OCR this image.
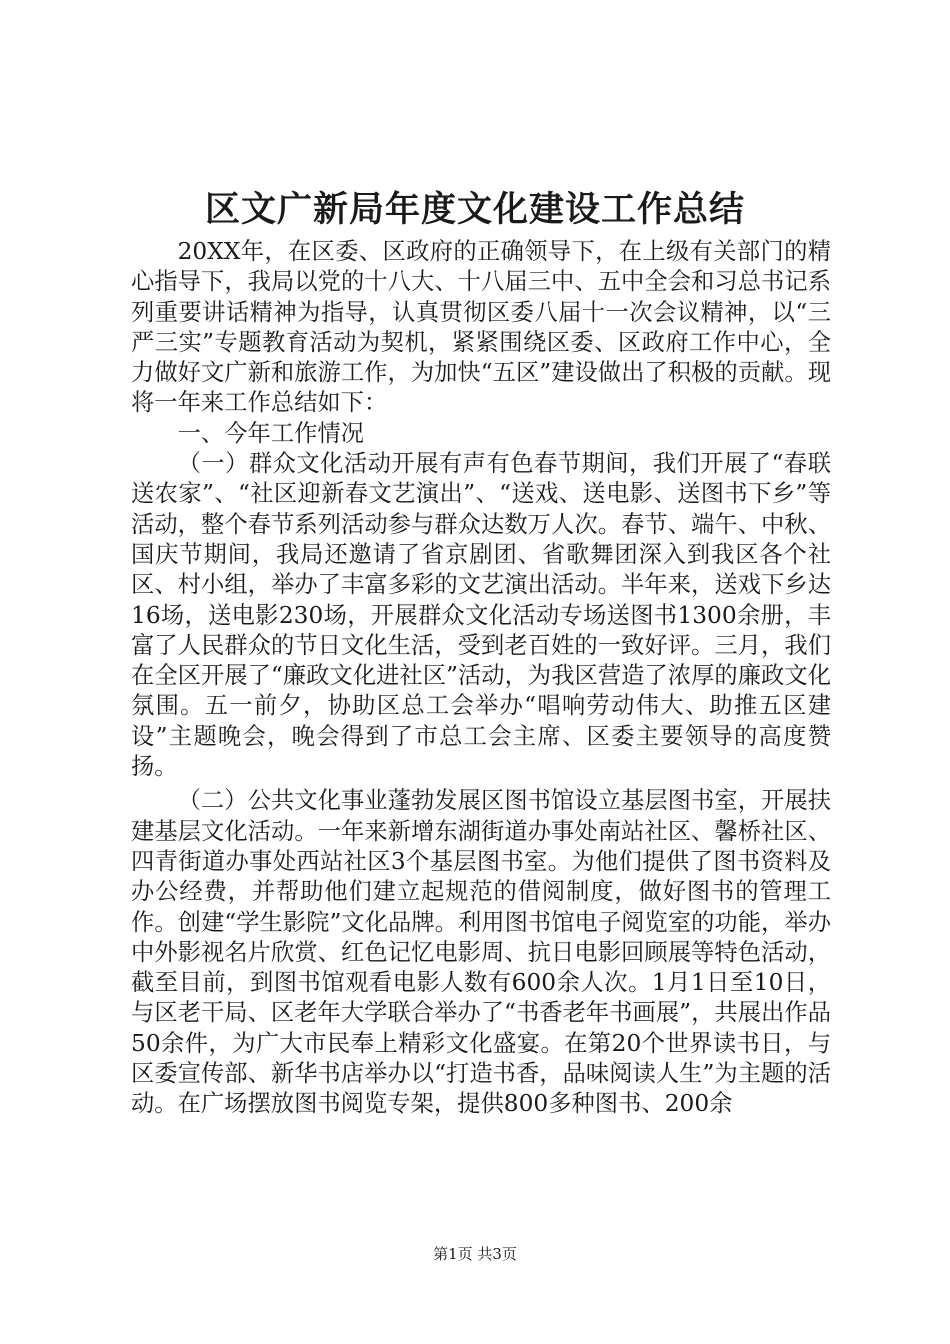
区文广新局年度文化建设工作总结

20XX年，在区委、区政府的正确领导下，在上级有关部门的精心指导下，我局以党的十八大、十八届三中、五中全会和习总书记系列重要讲话精神为指导，认真贯彻区委八届十一次会议精神，以“三严三实”专题教育活动为契机，紧紧围绕区委、区政府工作中心，全力做好文广新和旅游工作，为加快“五区”建设做出了积极的贡献。现将一年来工作总结如下：

一、今年工作情况

（一）群众文化活动开展有声有色春节期间，我们开展了“春联送农家”、“社区迎新春文艺演出”、“送戏、送电影、送图书下乡”等活动，整个春节系列活动参与群众达数万人次。春节、端午、中秋、国庆节期间，我局还邀请了省京剧团、省歌舞团深入到我区各个社区、村小组，举办了丰富多彩的文艺演出活动。半年来，送戏下乡达16场，送电影230场，开展群众文化活动专场送图书1300余册，丰富了人民群众的节日文化生活，受到老百姓的一致好评。三月，我们在全区开展了“廉政文化进社区”活动，为我区营造了浓厚的廉政文化氛围。五一前夕，协助区总工会举办“唱响劳动伟大、助推五区建设”主题晚会，晚会得到了市总工会主席、区委主要领导的高度赞扬。

（二）公共文化事业蓬勃发展区图书馆设立基层图书室，开展扶建基层文化活动。一年来新增东湖街道办事处南站社区、馨桥社区、四青街道办事处西站社区3个基层图书室。为他们提供了图书资料及办公经费，并帮助他们建立起规范的借阅制度，做好图书的管理工作。创建“学生影院”文化品牌。利用图书馆电子阅览室的功能，举办中外影视名片欣赏、红色记忆电影周、抗日电影回顾展等特色活动，截至目前，到图书馆观看电影人数有600余人次。1月1日至10日，与区老干局、区老年大学联合举办了“书香老年书画展”，共展出作品50余件，为广大市民奉上精彩文化盛宴。在第20个世界读书日，与区委宣传部、新华书店举办以“打造书香，品味阅读人生”为主题的活动。在广场摆放图书阅览专架，提供800多种图书、200余

第1页 共3页
